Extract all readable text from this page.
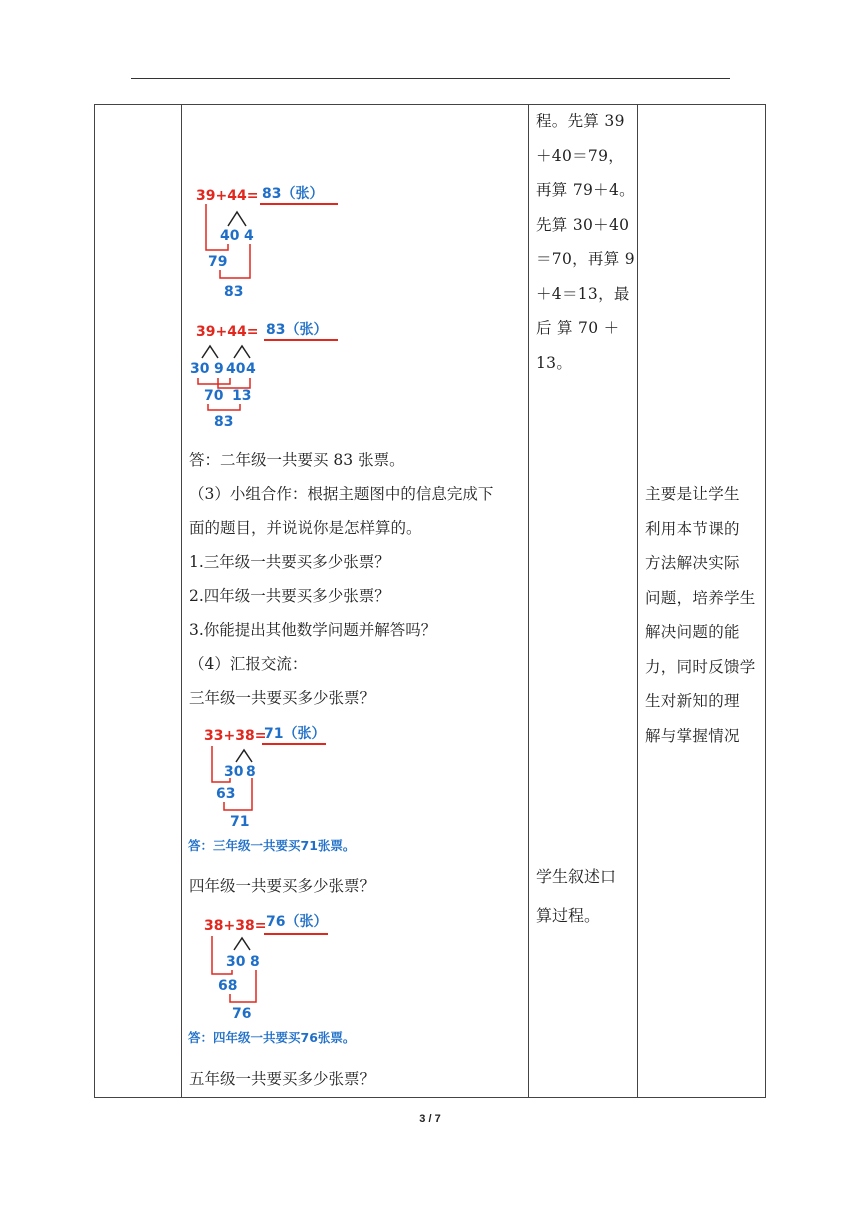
39+44= 83（张）
40 4
79
83
39+44= 83（张）
30 9 40 4
70 13
83
答：二年级一共要买 83 张票。
（3）小组合作：根据主题图中的信息完成下
面的题目，并说说你是怎样算的。
1.三年级一共要买多少张票？
2.四年级一共要买多少张票？
3.你能提出其他数学问题并解答吗？
（4）汇报交流：
三年级一共要买多少张票？
33+38=
71（张）
30 8
63
71
答：三年级一共要买71张票。
四年级一共要买多少张票？
38+38= 76（张）
30 8
68
76
答：四年级一共要买76张票。
五年级一共要买多少张票？

程。先算 39

＋40＝79，

再算 79＋4。

先算 30＋40

＝70，再算 9

＋4＝13，最

后 算 70 ＋

13。

学生叙述口

算过程。

主要是让学生

利用本节课的

方法解决实际

问题，培养学生

解决问题的能

力，同时反馈学

生对新知的理

解与掌握情况

3 / 7
